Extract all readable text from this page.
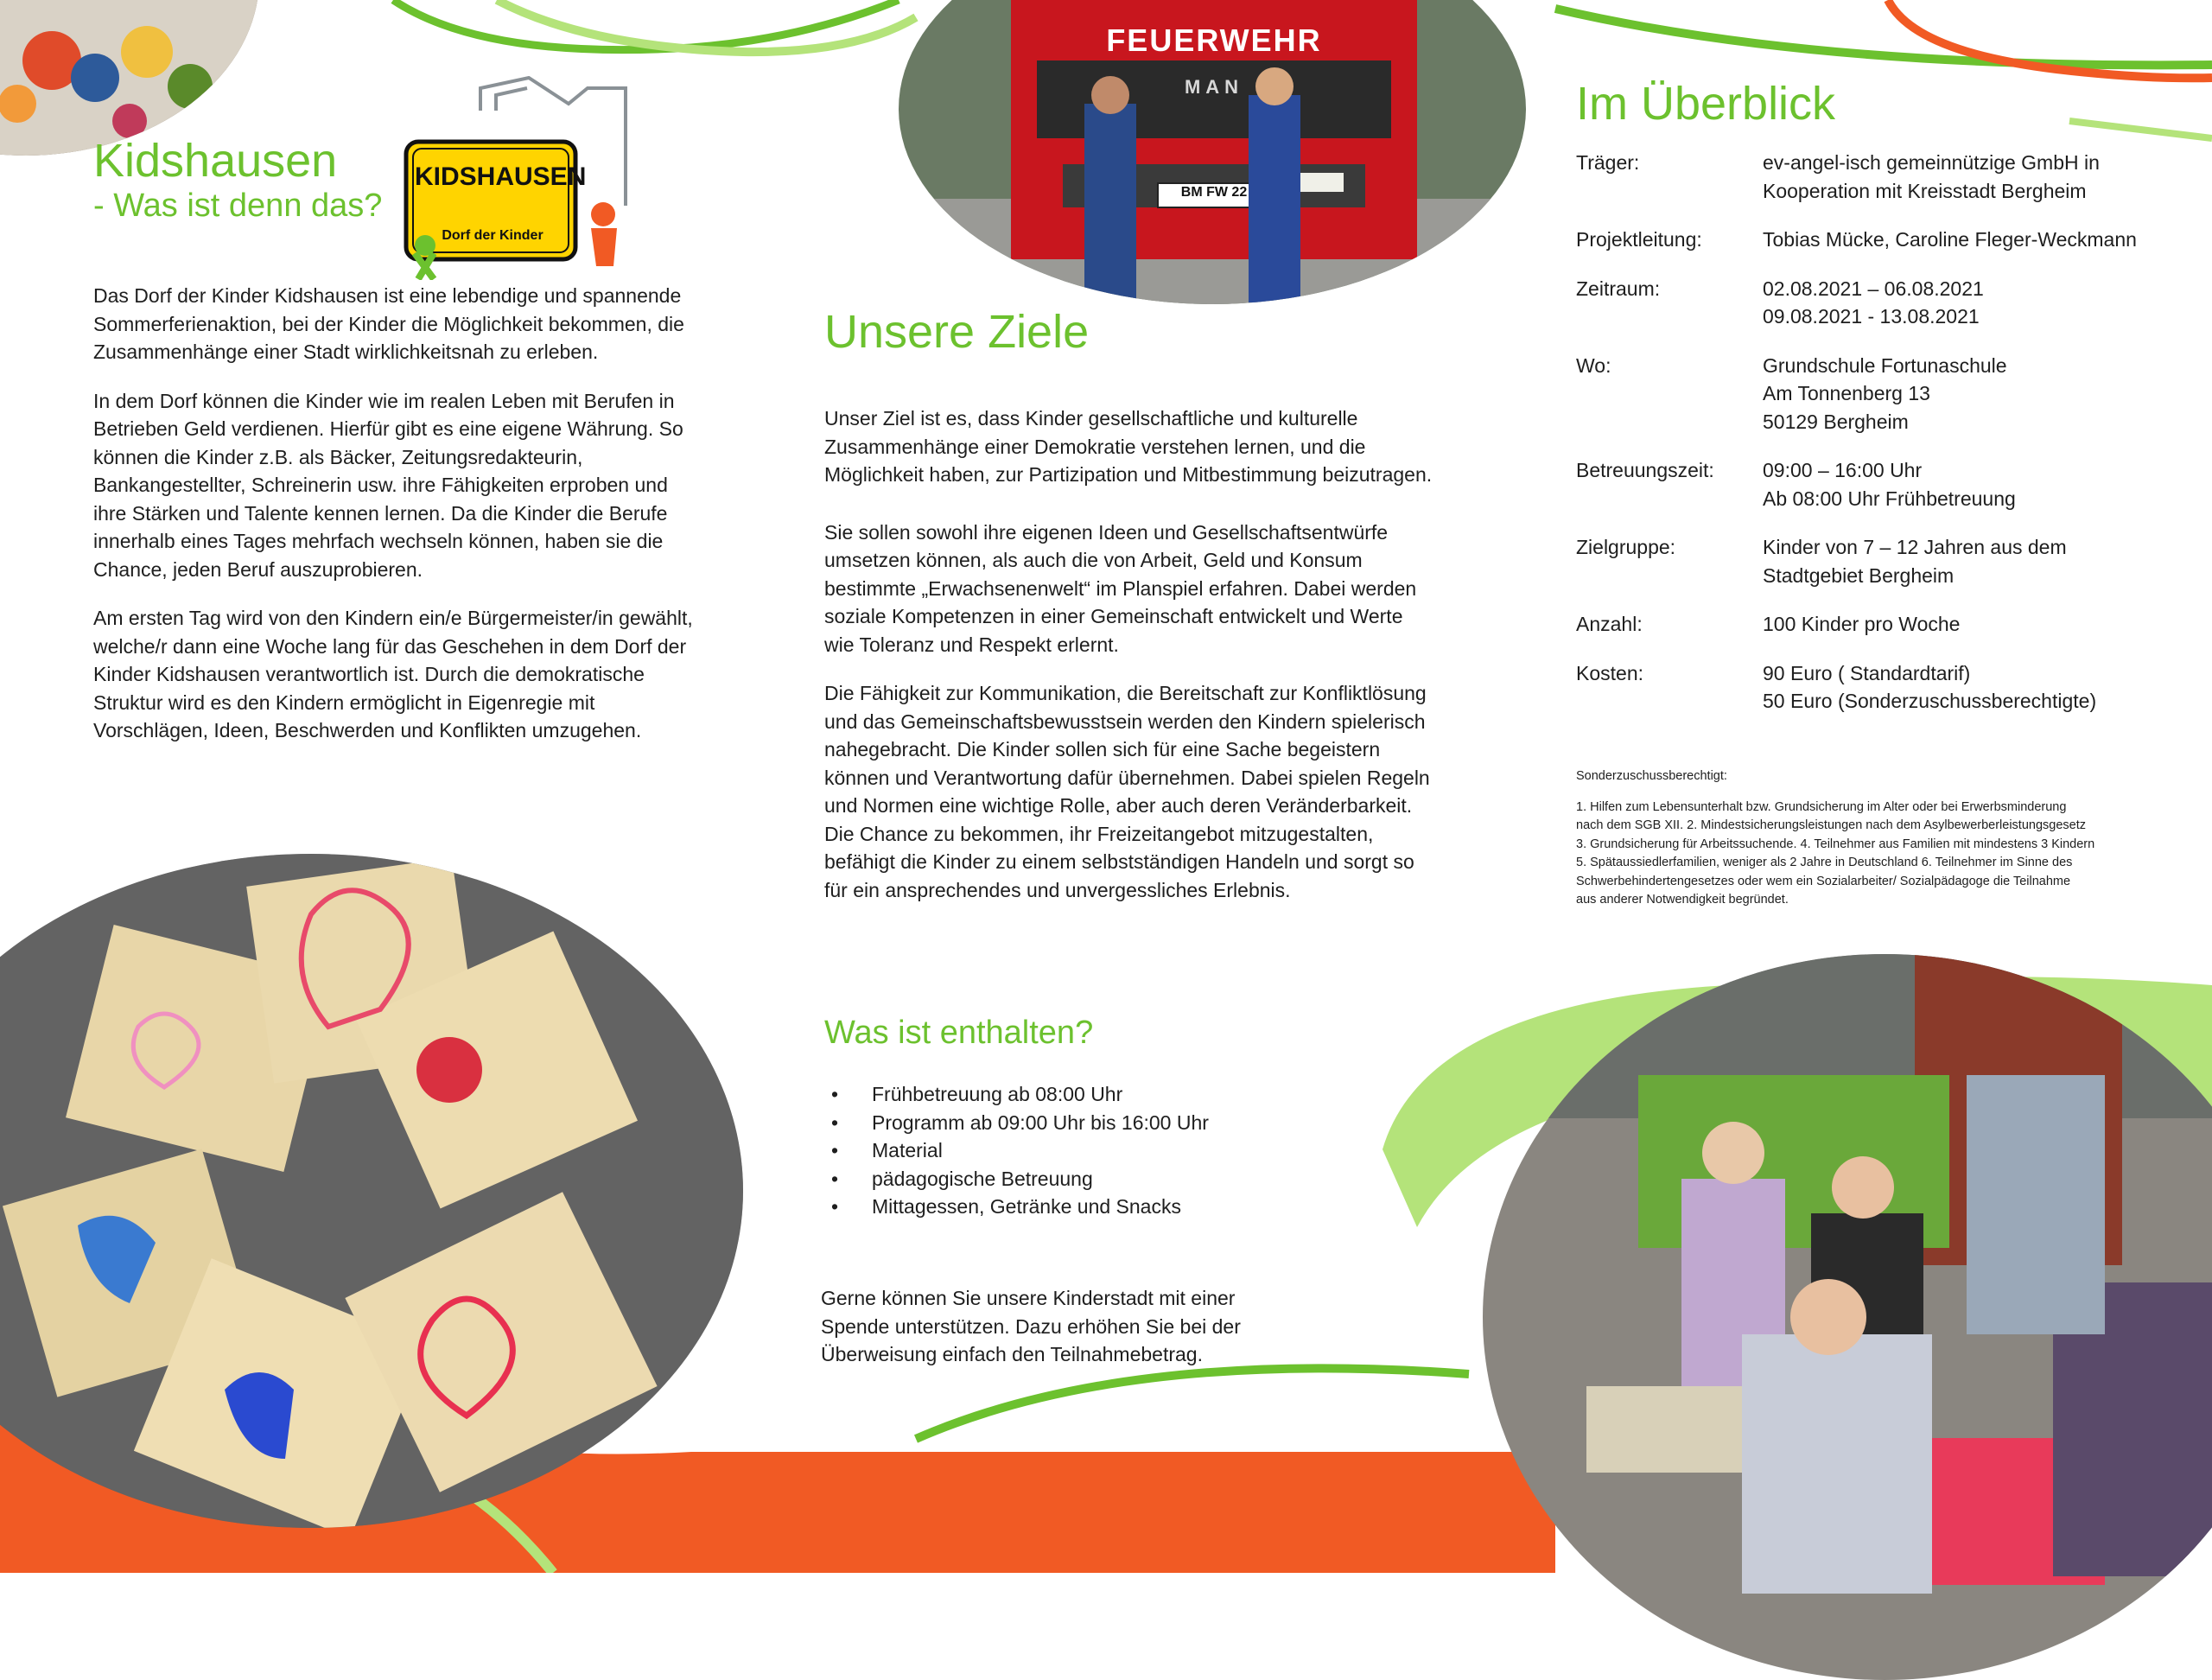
Kidshausen
- Was ist denn das?
KIDSHAUSEN
Dorf der Kinder

Das Dorf der Kinder Kidshausen ist eine lebendige und spannende Sommerferienaktion, bei der Kinder die Möglichkeit bekommen, die Zusammenhänge einer Stadt wirklichkeitsnah zu erleben.

In dem Dorf können die Kinder wie im realen Leben mit Berufen in Betrieben Geld verdienen. Hierfür gibt es eine eigene Währung. So können die Kinder z.B. als Bäcker, Zeitungsredakteurin, Bankangestellter, Schreinerin usw. ihre Fähigkeiten erproben und ihre Stärken und Talente kennen lernen. Da die Kinder die Berufe innerhalb eines Tages mehrfach wechseln können, haben sie die Chance, jeden Beruf auszuprobieren.

Am ersten Tag wird von den Kindern ein/e Bürgermeister/in gewählt, welche/r dann eine Woche lang für das Geschehen in dem Dorf der Kinder Kidshausen verantwortlich ist. Durch die demokratische Struktur wird es den Kindern ermöglicht in Eigenregie mit Vorschlägen, Ideen, Beschwerden und Konflikten umzugehen.

FEUERWEHR
MAN
BM FW 22
Unsere Ziele

Unser Ziel ist es, dass Kinder gesellschaftliche und kulturelle Zusammenhänge einer Demokratie verstehen lernen, und die Möglichkeit haben, zur Partizipation und Mitbestimmung beizutragen.

Sie sollen sowohl ihre eigenen Ideen und Gesellschaftsentwürfe umsetzen können, als auch die von Arbeit, Geld und Konsum bestimmte „Erwachsenenwelt“ im Planspiel erfahren. Dabei werden soziale Kompetenzen in einer Gemeinschaft entwickelt und Werte wie Toleranz und Respekt erlernt.

Die Fähigkeit zur Kommunikation, die Bereitschaft zur Konfliktlösung und das Gemeinschaftsbewusstsein werden den Kindern spielerisch nahegebracht. Die Kinder sollen sich für eine Sache begeistern können und Verantwortung dafür übernehmen. Dabei spielen Regeln und Normen eine wichtige Rolle, aber auch deren Veränderbarkeit. Die Chance zu bekommen, ihr Freizeitangebot mitzugestalten, befähigt die Kinder zu einem selbstständigen Handeln und sorgt so für ein ansprechendes und unvergessliches Erlebnis.

Was ist enthalten?
• Frühbetreuung ab 08:00 Uhr
• Programm ab 09:00 Uhr bis 16:00 Uhr
• Material
• pädagogische Betreuung
• Mittagessen, Getränke und Snacks
Gerne können Sie unsere Kinderstadt mit einer Spende unterstützen. Dazu erhöhen Sie bei der Überweisung einfach den Teilnahmebetrag.
Im Überblick
Träger:	ev-angel-isch gemeinnützige GmbH in
Kooperation mit Kreisstadt Bergheim
Projektleitung:	Tobias Mücke, Caroline Fleger-Weckmann
Zeitraum:	02.08.2021 – 06.08.2021
09.08.2021 - 13.08.2021
Wo:	Grundschule Fortunaschule
Am Tonnenberg 13
50129 Bergheim
Betreuungszeit:	09:00 – 16:00 Uhr
Ab 08:00 Uhr Frühbetreuung
Zielgruppe:	Kinder von 7 – 12 Jahren aus dem
Stadtgebiet Bergheim
Anzahl:	100 Kinder pro Woche
Kosten:	90 Euro ( Standardtarif)
50 Euro (Sonderzuschussberechtigte)
Sonderzuschussberechtigt:
1. Hilfen zum Lebensunterhalt bzw. Grundsicherung im Alter oder bei Erwerbsminderung
nach dem SGB XII. 2. Mindestsicherungsleistungen nach dem Asylbewerberleistungsgesetz
3. Grundsicherung für Arbeitssuchende. 4. Teilnehmer aus Familien mit mindestens 3 Kindern
5. Spätaussiedlerfamilien, weniger als 2 Jahre in Deutschland 6. Teilnehmer im Sinne des
Schwerbehindertengesetzes oder wem ein Sozialarbeiter/ Sozialpädagoge die Teilnahme
aus anderer Notwendigkeit begründet.
